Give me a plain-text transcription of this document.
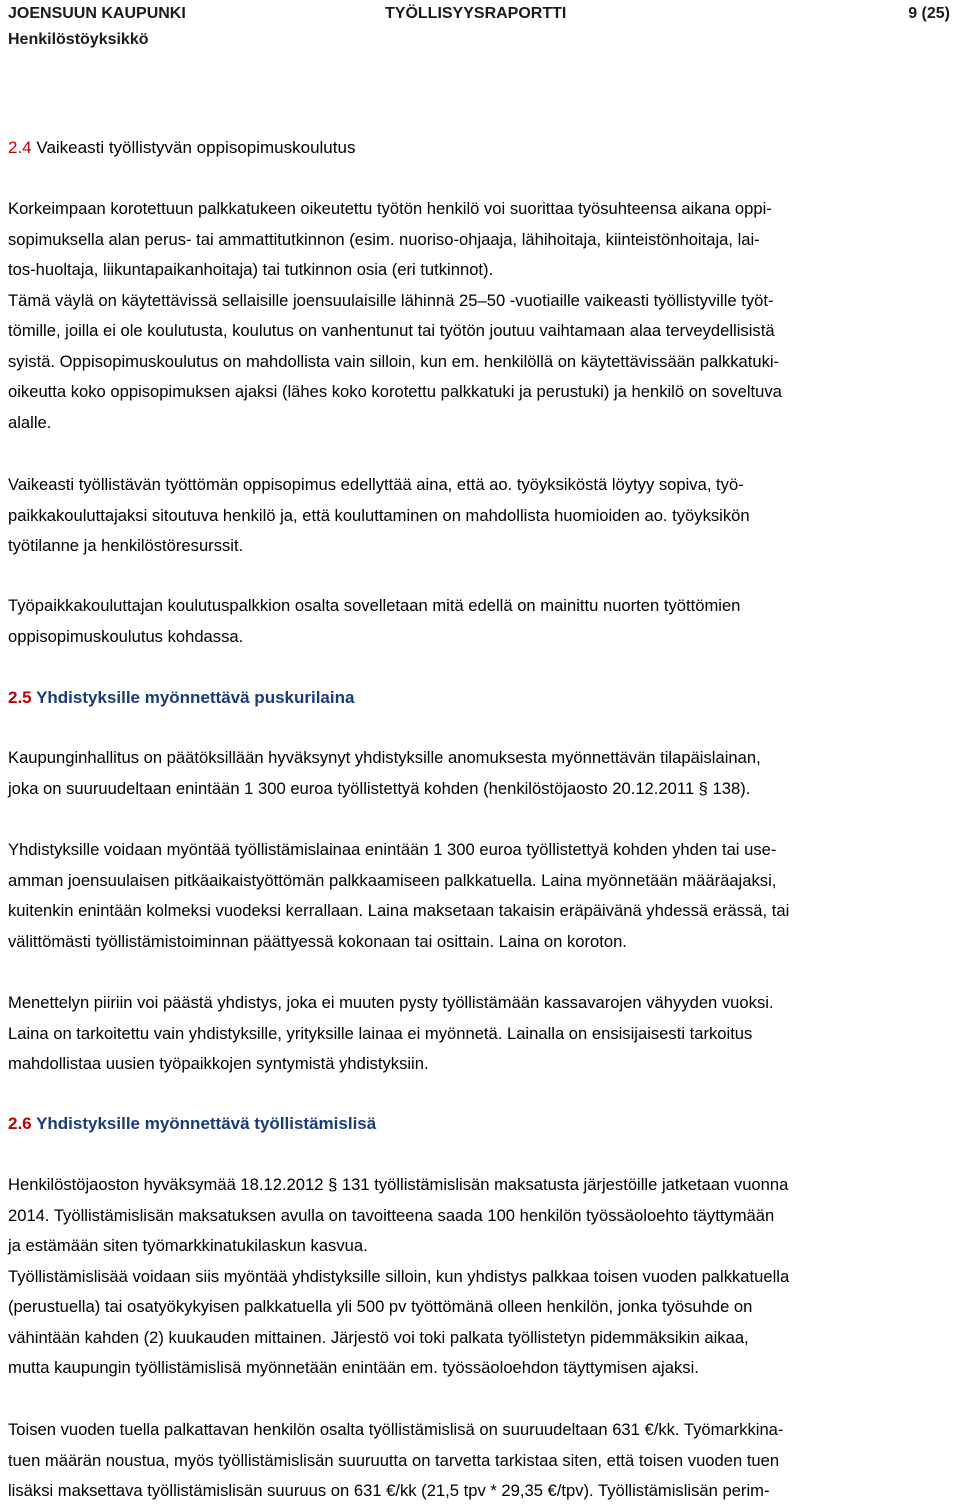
JOENSUUN KAUPUNKI
Henkilöstöyksikkö
TYÖLLISYYSRAPORTTI	9 (25)
2.4 Vaikeasti työllistyvän oppisopimuskoulutus

Korkeimpaan korotettuun palkkatukeen oikeutettu työtön henkilö voi suorittaa työsuhteensa aikana oppi-

sopimuksella alan perus- tai ammattitutkinnon (esim. nuoriso-ohjaaja, lähihoitaja, kiinteistönhoitaja, lai-

tos-huoltaja, liikuntapaikanhoitaja) tai tutkinnon osia (eri tutkinnot).

Tämä väylä on käytettävissä sellaisille joensuulaisille lähinnä 25–50 -vuotiaille vaikeasti työllistyville työt-

tömille, joilla ei ole koulutusta, koulutus on vanhentunut tai työtön joutuu vaihtamaan alaa terveydellisistä

syistä. Oppisopimuskoulutus on mahdollista vain silloin, kun em. henkilöllä on käytettävissään palkkatuki-

oikeutta koko oppisopimuksen ajaksi (lähes koko korotettu palkkatuki ja perustuki) ja henkilö on soveltuva

alalle.

Vaikeasti työllistävän työttömän oppisopimus edellyttää aina, että ao. työyksiköstä löytyy sopiva, työ-

paikkakouluttajaksi sitoutuva henkilö ja, että kouluttaminen on mahdollista huomioiden ao. työyksikön

työtilanne ja henkilöstöresurssit.

Työpaikkakouluttajan koulutuspalkkion osalta sovelletaan mitä edellä on mainittu nuorten työttömien

oppisopimuskoulutus kohdassa.

2.5 Yhdistyksille myönnettävä puskurilaina

Kaupunginhallitus on päätöksillään hyväksynyt yhdistyksille anomuksesta myönnettävän tilapäislainan,

joka on suuruudeltaan enintään 1 300 euroa työllistettyä kohden (henkilöstöjaosto 20.12.2011 § 138).

Yhdistyksille voidaan myöntää työllistämislainaa enintään 1 300 euroa työllistettyä kohden yhden tai use-

amman joensuulaisen pitkäaikaistyöttömän palkkaamiseen palkkatuella. Laina myönnetään määräajaksi,

kuitenkin enintään kolmeksi vuodeksi kerrallaan. Laina maksetaan takaisin eräpäivänä yhdessä erässä, tai

välittömästi työllistämistoiminnan päättyessä kokonaan tai osittain. Laina on koroton.

Menettelyn piiriin voi päästä yhdistys, joka ei muuten pysty työllistämään kassavarojen vähyyden vuoksi.

Laina on tarkoitettu vain yhdistyksille, yrityksille lainaa ei myönnetä. Lainalla on ensisijaisesti tarkoitus

mahdollistaa uusien työpaikkojen syntymistä yhdistyksiin.

2.6 Yhdistyksille myönnettävä työllistämislisä

Henkilöstöjaoston hyväksymää 18.12.2012 § 131 työllistämislisän maksatusta järjestöille jatketaan vuonna

2014. Työllistämislisän maksatuksen avulla on tavoitteena saada 100 henkilön työssäoloehto täyttymään

ja estämään siten työmarkkinatukilaskun kasvua.

Työllistämislisää voidaan siis myöntää yhdistyksille silloin, kun yhdistys palkkaa toisen vuoden palkkatuella

(perustuella) tai osatyökykyisen palkkatuella yli 500 pv työttömänä olleen henkilön, jonka työsuhde on

vähintään kahden (2) kuukauden mittainen. Järjestö voi toki palkata työllistetyn pidemmäksikin aikaa,

mutta kaupungin työllistämislisä myönnetään enintään em. työssäoloehdon täyttymisen ajaksi.

Toisen vuoden tuella palkattavan henkilön osalta työllistämislisä on suuruudeltaan 631 €/kk. Työmarkkina-

tuen määrän noustua, myös työllistämislisän suuruutta on tarvetta tarkistaa siten, että toisen vuoden tuen

lisäksi maksettava työllistämislisän suuruus on 631 €/kk (21,5 tpv * 29,35 €/tpv). Työllistämislisän perim-
